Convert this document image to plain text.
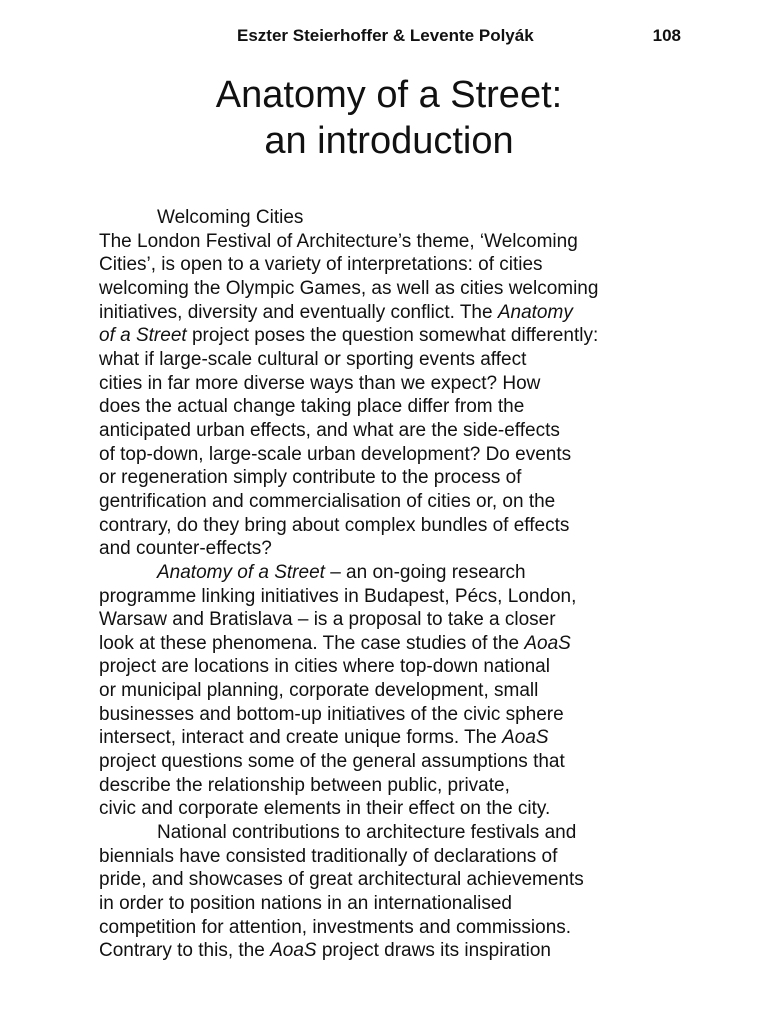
Eszter Steierhoffer & Levente Polyák	108
Anatomy of a Street:
an introduction
Welcoming Cities

The London Festival of Architecture’s theme, ‘Welcoming
Cities’, is open to a variety of interpretations: of cities
welcoming the Olympic Games, as well as cities welcoming
initiatives, diversity and eventually conflict. The Anatomy
of a Street project poses the question somewhat differently:
what if large-scale cultural or sporting events affect
cities in far more diverse ways than we expect? How
does the actual change taking place differ from the
anticipated urban effects, and what are the side-effects
of top-down, large-scale urban development? Do events
or regeneration simply contribute to the process of
gentrification and commercialisation of cities or, on the
contrary, do they bring about complex bundles of effects
and counter-effects?

Anatomy of a Street – an on-going research
programme linking initiatives in Budapest, Pécs, London,
Warsaw and Bratislava – is a proposal to take a closer
look at these phenomena. The case studies of the AoaS
project are locations in cities where top-down national
or municipal planning, corporate development, small
businesses and bottom-up initiatives of the civic sphere
intersect, interact and create unique forms. The AoaS
project questions some of the general assumptions that
describe the relationship between public, private,
civic and corporate elements in their effect on the city.

National contributions to architecture festivals and
biennials have consisted traditionally of declarations of
pride, and showcases of great architectural achievements
in order to position nations in an internationalised
competition for attention, investments and commissions.
Contrary to this, the AoaS project draws its inspiration
